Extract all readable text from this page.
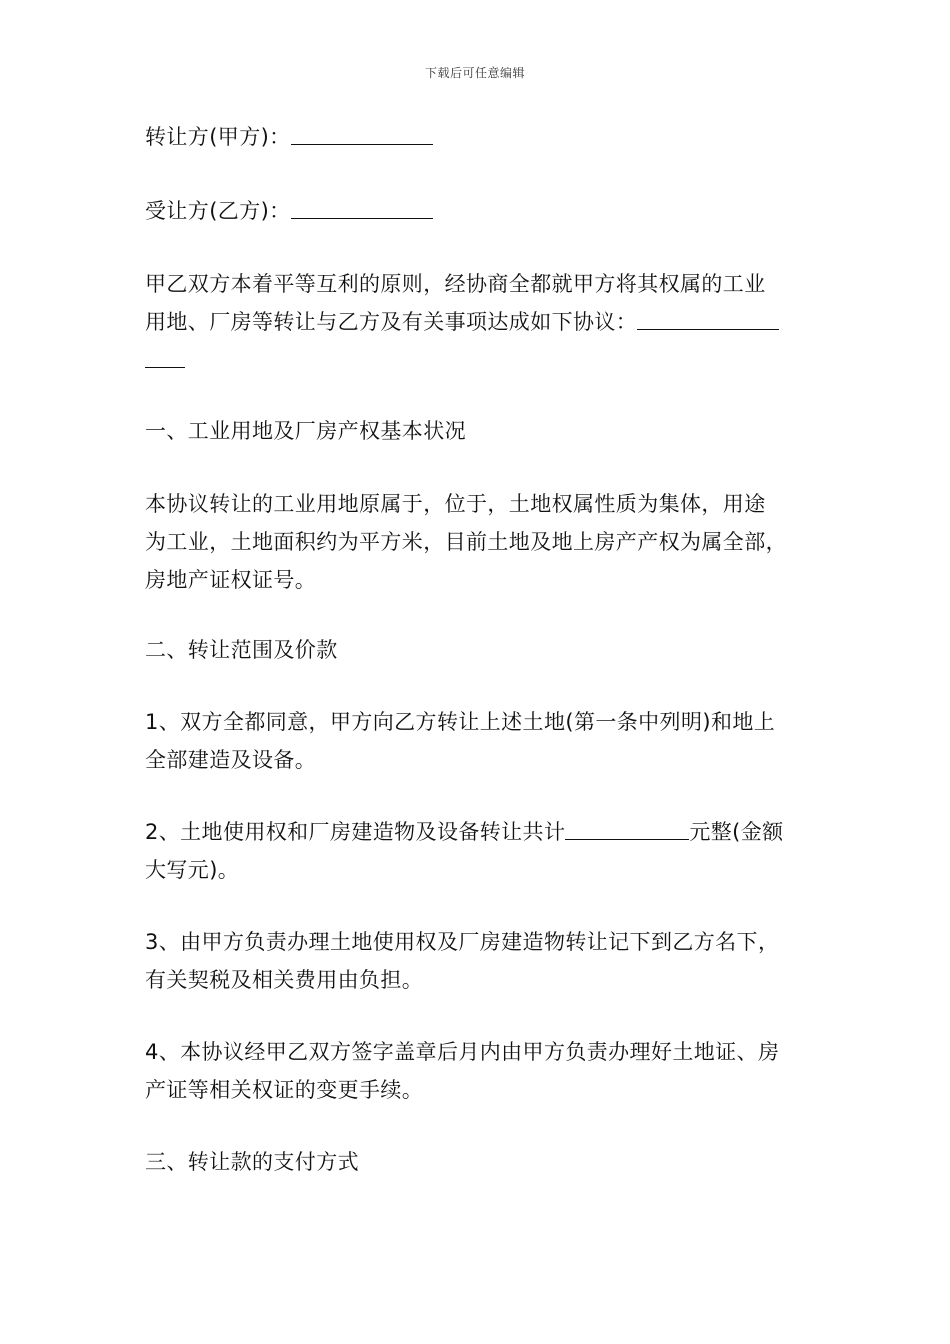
下载后可任意编辑

转让方(甲方)：

受让方(乙方)：

甲乙双方本着平等互利的原则，经协商全都就甲方将其权属的工业
用地、厂房等转让与乙方及有关事项达成如下协议：

一、工业用地及厂房产权基本状况

本协议转让的工业用地原属于，位于，土地权属性质为集体，用途
为工业，土地面积约为平方米，目前土地及地上房产产权为属全部，
房地产证权证号。

二、转让范围及价款

1、双方全都同意，甲方向乙方转让上述土地(第一条中列明)和地上
全部建造及设备。

2、土地使用权和厂房建造物及设备转让共计	元整(金额
大写元)。

3、由甲方负责办理土地使用权及厂房建造物转让记下到乙方名下，
有关契税及相关费用由负担。

4、本协议经甲乙双方签字盖章后月内由甲方负责办理好土地证、房
产证等相关权证的变更手续。

三、转让款的支付方式
